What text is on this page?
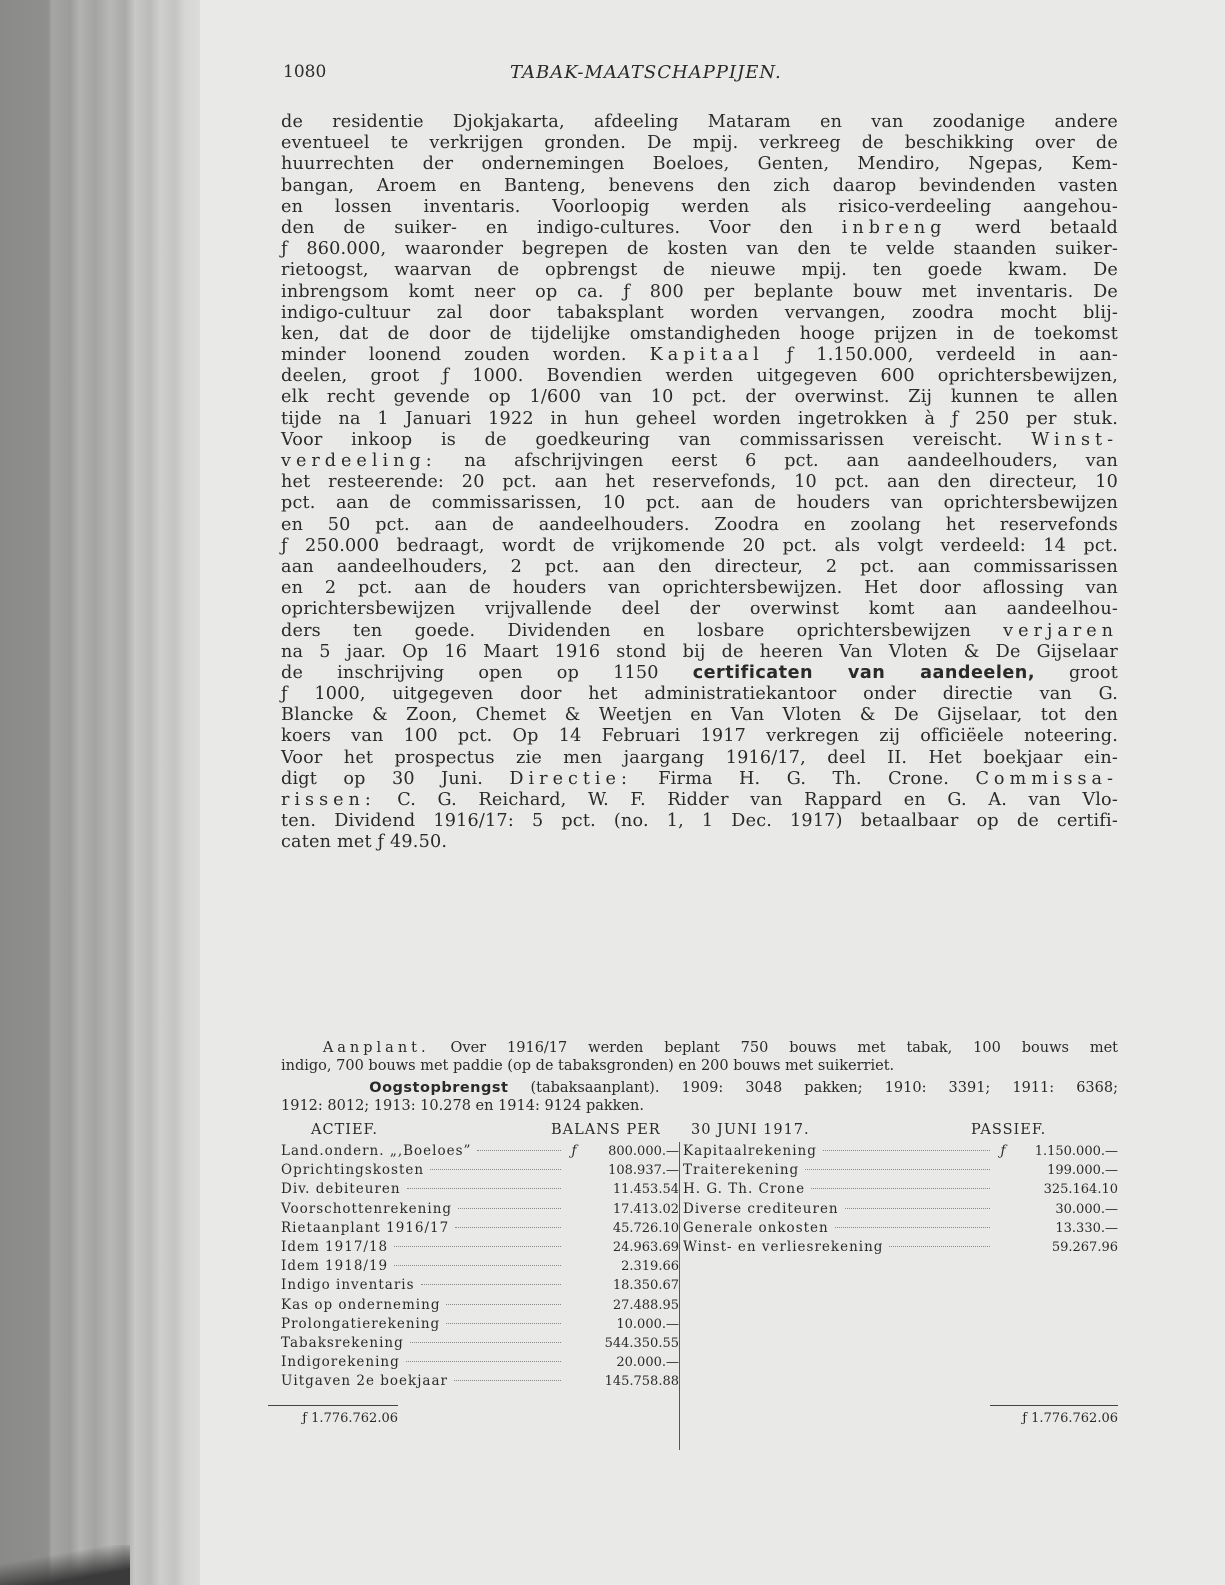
1080	TABAK-MAATSCHAPPIJEN.
de residentie Djokjakarta, afdeeling Mataram en van zoodanige andere
eventueel te verkrijgen gronden. De mpij. verkreeg de beschikking over de
huurrechten der ondernemingen Boeloes, Genten, Mendiro, Ngepas, Kem-
bangan, Aroem en Banteng, benevens den zich daarop bevindenden vasten
en lossen inventaris. Voorloopig werden als risico-verdeeling aangehou-
den de suiker- en indigo-cultures. Voor den inbreng werd betaald
ƒ 860.000, waaronder begrepen de kosten van den te velde staanden suiker-
rietoogst, waarvan de opbrengst de nieuwe mpij. ten goede kwam. De
inbrengsom komt neer op ca. ƒ 800 per beplante bouw met inventaris. De
indigo-cultuur zal door tabaksplant worden vervangen, zoodra mocht blij-
ken, dat de door de tijdelijke omstandigheden hooge prijzen in de toekomst
minder loonend zouden worden. Kapitaal ƒ 1.150.000, verdeeld in aan-
deelen, groot ƒ 1000. Bovendien werden uitgegeven 600 oprichtersbewijzen,
elk recht gevende op 1/600 van 10 pct. der overwinst. Zij kunnen te allen
tijde na 1 Januari 1922 in hun geheel worden ingetrokken à ƒ 250 per stuk.
Voor inkoop is de goedkeuring van commissarissen vereischt. Winst-
verdeeling: na afschrijvingen eerst 6 pct. aan aandeelhouders, van
het resteerende: 20 pct. aan het reservefonds, 10 pct. aan den directeur, 10
pct. aan de commissarissen, 10 pct. aan de houders van oprichtersbewijzen
en 50 pct. aan de aandeelhouders. Zoodra en zoolang het reservefonds
ƒ 250.000 bedraagt, wordt de vrijkomende 20 pct. als volgt verdeeld: 14 pct.
aan aandeelhouders, 2 pct. aan den directeur, 2 pct. aan commissarissen
en 2 pct. aan de houders van oprichtersbewijzen. Het door aflossing van
oprichtersbewijzen vrijvallende deel der overwinst komt aan aandeelhou-
ders ten goede. Dividenden en losbare oprichtersbewijzen verjaren
na 5 jaar. Op 16 Maart 1916 stond bij de heeren Van Vloten & De Gijselaar
de inschrijving open op 1150 certificaten van aandeelen, groot
ƒ 1000, uitgegeven door het administratiekantoor onder directie van G.
Blancke & Zoon, Chemet & Weetjen en Van Vloten & De Gijselaar, tot den
koers van 100 pct. Op 14 Februari 1917 verkregen zij officiëele noteering.
Voor het prospectus zie men jaargang 1916/17, deel II. Het boekjaar ein-
digt op 30 Juni. Directie: Firma H. G. Th. Crone. Commissa-
rissen: C. G. Reichard, W. F. Ridder van Rappard en G. A. van Vlo-
ten. Dividend 1916/17: 5 pct. (no. 1, 1 Dec. 1917) betaalbaar op de certifi-
caten met ƒ 49.50.
Aanplant. Over 1916/17 werden beplant 750 bouws met tabak, 100 bouws met
indigo, 700 bouws met paddie (op de tabaksgronden) en 200 bouws met suikerriet.
Oogstopbrengst (tabaksaanplant). 1909: 3048 pakken; 1910: 3391; 1911: 6368;
1912: 8012; 1913: 10.278 en 1914: 9124 pakken.
ACTIEF.	BALANS PER 30 JUNI 1917.	PASSIEF.
Land.ondern. „,Boeloes”	ƒ	800.000.—
Oprichtingskosten	108.937.—
Div. debiteuren	11.453.54
Voorschottenrekening	17.413.02
Rietaanplant 1916/17	45.726.10
Idem 1917/18	24.963.69
Idem 1918/19	2.319.66
Indigo inventaris	18.350.67
Kas op onderneming	27.488.95
Prolongatierekening	10.000.—
Tabaksrekening	544.350.55
Indigorekening	20.000.—
Uitgaven 2e boekjaar	145.758.88
Kapitaalrekening	ƒ	1.150.000.—
Traiterekening	199.000.—
H. G. Th. Crone	325.164.10
Diverse crediteuren	30.000.—
Generale onkosten	13.330.—
Winst- en verliesrekening	59.267.96
ƒ 1.776.762.06	ƒ 1.776.762.06
